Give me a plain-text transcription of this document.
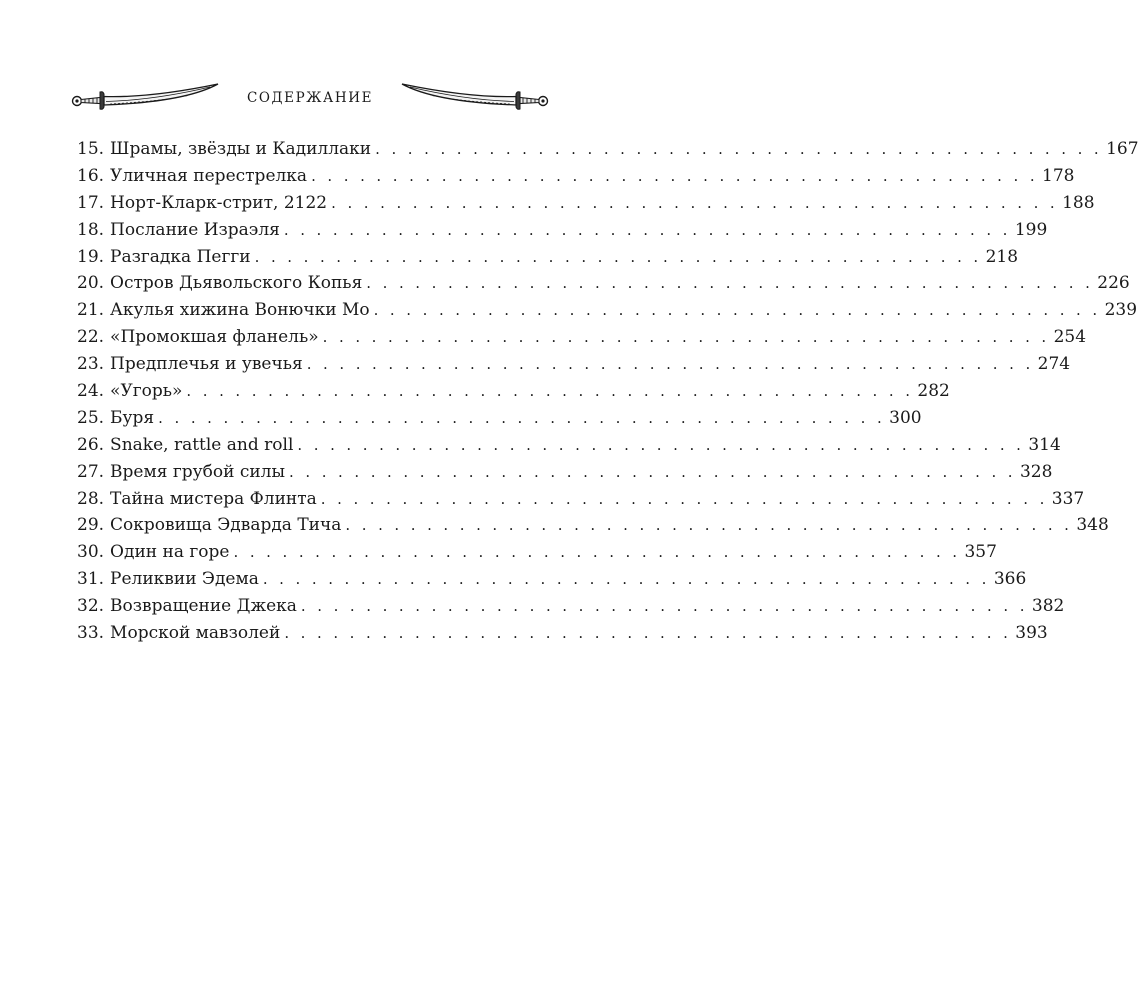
СОДЕРЖАНИЕ
15. Шрамы, звёзды и Кадиллаки . . . . . . . . . . . . . . . . . . . . . . . . . . . . . . . . . . . . . . . . . . . . . 167
16. Уличная перестрелка . . . . . . . . . . . . . . . . . . . . . . . . . . . . . . . . . . . . . . . . . . . . . 178
17. Норт-Кларк-стрит, 2122 . . . . . . . . . . . . . . . . . . . . . . . . . . . . . . . . . . . . . . . . . . . . . 188
18. Послание Израэля . . . . . . . . . . . . . . . . . . . . . . . . . . . . . . . . . . . . . . . . . . . . . 199
19. Разгадка Пегги . . . . . . . . . . . . . . . . . . . . . . . . . . . . . . . . . . . . . . . . . . . . . 218
20. Остров Дьявольского Копья . . . . . . . . . . . . . . . . . . . . . . . . . . . . . . . . . . . . . . . . . . . . . 226
21. Акулья хижина Вонючки Мо . . . . . . . . . . . . . . . . . . . . . . . . . . . . . . . . . . . . . . . . . . . . . 239
22. «Промокшая фланель» . . . . . . . . . . . . . . . . . . . . . . . . . . . . . . . . . . . . . . . . . . . . . 254
23. Предплечья и увечья . . . . . . . . . . . . . . . . . . . . . . . . . . . . . . . . . . . . . . . . . . . . . 274
24. «Угорь» . . . . . . . . . . . . . . . . . . . . . . . . . . . . . . . . . . . . . . . . . . . . . 282
25. Буря . . . . . . . . . . . . . . . . . . . . . . . . . . . . . . . . . . . . . . . . . . . . . 300
26. Snake, rattle and roll . . . . . . . . . . . . . . . . . . . . . . . . . . . . . . . . . . . . . . . . . . . . . 314
27. Время грубой силы . . . . . . . . . . . . . . . . . . . . . . . . . . . . . . . . . . . . . . . . . . . . . 328
28. Тайна мистера Флинта . . . . . . . . . . . . . . . . . . . . . . . . . . . . . . . . . . . . . . . . . . . . . 337
29. Сокровища Эдварда Тича . . . . . . . . . . . . . . . . . . . . . . . . . . . . . . . . . . . . . . . . . . . . . 348
30. Один на горе . . . . . . . . . . . . . . . . . . . . . . . . . . . . . . . . . . . . . . . . . . . . . 357
31. Реликвии Эдема . . . . . . . . . . . . . . . . . . . . . . . . . . . . . . . . . . . . . . . . . . . . . 366
32. Возвращение Джека . . . . . . . . . . . . . . . . . . . . . . . . . . . . . . . . . . . . . . . . . . . . . 382
33. Морской мавзолей . . . . . . . . . . . . . . . . . . . . . . . . . . . . . . . . . . . . . . . . . . . . . 393
